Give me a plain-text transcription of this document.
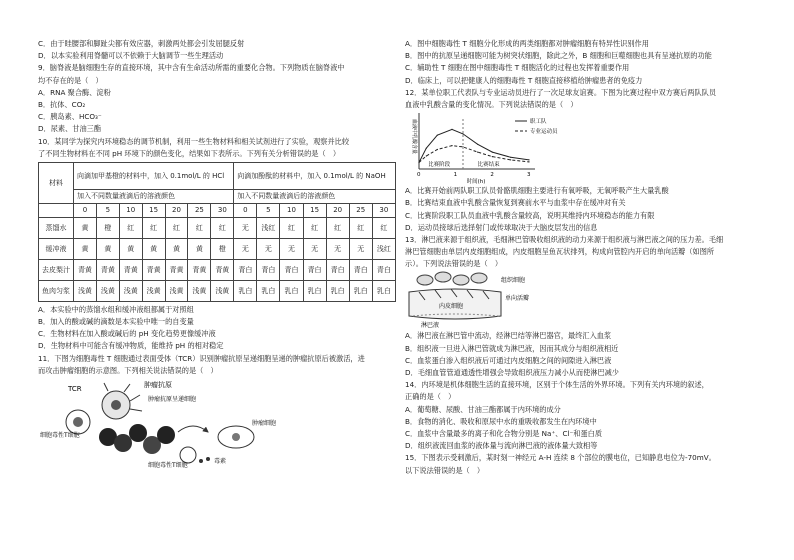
C．由于眭腰部和脚趾尖都有效应器，刺激两处都会引发屈腿反射
D．以本实验利用脊髓可以不依赖于大脑调节一些生理活动
9．脑脊液是脑细胞生存的直接环境，其中含有生命活动所需的重要化合物。下列物质在脑脊液中
均不存在的是（　）
A．RNA 聚合酶、淀粉
B．抗体、CO₂
C．胰岛素、HCO₃⁻
D．尿素、甘油三酯
10．某同学为探究内环境稳态的调节机制，利用一些生物材料和相关试剂进行了实验，观察并比较
了不同生物材料在不同 pH 环境下的颜色变化，结果如下表所示。下列有关分析错误的是（　）
材料	向滴加甲基橙的材料中，加入 0.1mol/L 的 HCl							向滴加酚酞的材料中，加入 0.1mol/L 的 NaOH						
	加入不同数量液滴后的溶液颜色							加入不同数量液滴后的溶液颜色						
	0	5	10	15	20	25	30	0	5	10	15	20	25	30
蒸馏水	黄	橙	红	红	红	红	红	无	浅红	红	红	红	红	红
缓冲液	黄	黄	黄	黄	黄	黄	橙	无	无	无	无	无	无	浅红
去皮梨汁	青黄	青黄	青黄	青黄	青黄	青黄	青黄	青白	青白	青白	青白	青白	青白	青白
鱼肉匀浆	浅黄	浅黄	浅黄	浅黄	浅黄	浅黄	浅黄	乳白	乳白	乳白	乳白	乳白	乳白	乳白
A．本实验中的蒸馏水组和缓冲液组都属于对照组
B．加入的酸或碱的滴数是本实验中唯一的自变量
C．生物材料在加入酸或碱后的 pH 变化趋势更像缓冲液
D．生物材料中可能含有缓冲物质，能维持 pH 的相对稳定
11．下图为细胞毒性 T 细胞通过表面受体（TCR）识别肿瘤抗原呈递细胞呈递的肿瘤抗原后被激活，进
而攻击肿瘤细胞的示意图。下列相关说法错误的是（　）
TCR	肿瘤抗原
肿瘤抗原呈递细胞
细胞毒性T细胞
肿瘤细胞
细胞毒性T细胞
毒素
A．图中细胞毒性 T 细胞分化形成的两类细胞都对肿瘤细胞有特异性识别作用
B．图中的抗原呈递细胞可能为树突状细胞，除此之外，B 细胞和巨噬细胞也具有呈递抗原的功能
C．辅助性 T 细胞在图中细胞毒性 T 细胞活化的过程也发挥着重要作用
D．临床上，可以把健康人的细胞毒性 T 细胞直接移植给肿瘤患者的免疫力
12．某单位职工代表队与专业运动员进行了一次足球友谊赛。下图为比赛过程中双方赛后两队队员
血液中乳酸含量的变化情况。下列说法错误的是（　）
血液中乳酸含量
0	1	2	3
时间(h)
职工队
专业运动员
比赛阶段	比赛结束
A．比赛开始前两队职工队员骨骼肌细胞主要进行有氧呼吸，无氧呼吸产生大量乳酸
B．比赛结束血液中乳酸含量恢复到赛前水平与血浆中存在缓冲对有关
C．比赛阶段职工队员血液中乳酸含量较高，说明其维持内环境稳态的能力有限
D．运动员接球后选择射门或传球取决于大脑皮层发出的信息
13．淋巴液来源于组织液，毛细淋巴管吸收组织液的动力来源于组织液与淋巴液之间的压力差。毛细
淋巴管细胞由单层内皮细胞组成，内皮细胞呈鱼瓦状排列，构成向管腔内开启的单向活瓣（如图所
示）。下列说法错误的是（　）
组织细胞
内皮细胞
单向活瓣
淋巴液
A．淋巴液在淋巴管中流动，经淋巴结等淋巴器官，最终汇入血浆
B．组织液一旦进入淋巴管就成为淋巴液，因而其成分与组织液相近
C．血浆蛋白渗入组织液后可通过内皮细胞之间的间隙进入淋巴液
D．毛细血管管道通透性增强会导致组织液压力减小从而使淋巴减少
14．内环境是机体细胞生活的直接环境，区别于个体生活的外界环境。下列有关内环境的叙述，
正确的是（　）
A．葡萄糖、尿酸、甘油三酯都属于内环境的成分
B．食物的消化、吸收和原尿中水的重吸收都发生在内环境中
C．血浆中含量最多的离子和化合物分别是 Na⁺、Cl⁻和蛋白质
D．组织液流回血浆的液体量与流向淋巴液的液体量大致相等
15．下图表示受刺激后，某时刻一神经元 A-H 连续 8 个部位的膜电位，已知静息电位为-70mV。
以下说法错误的是（　）
